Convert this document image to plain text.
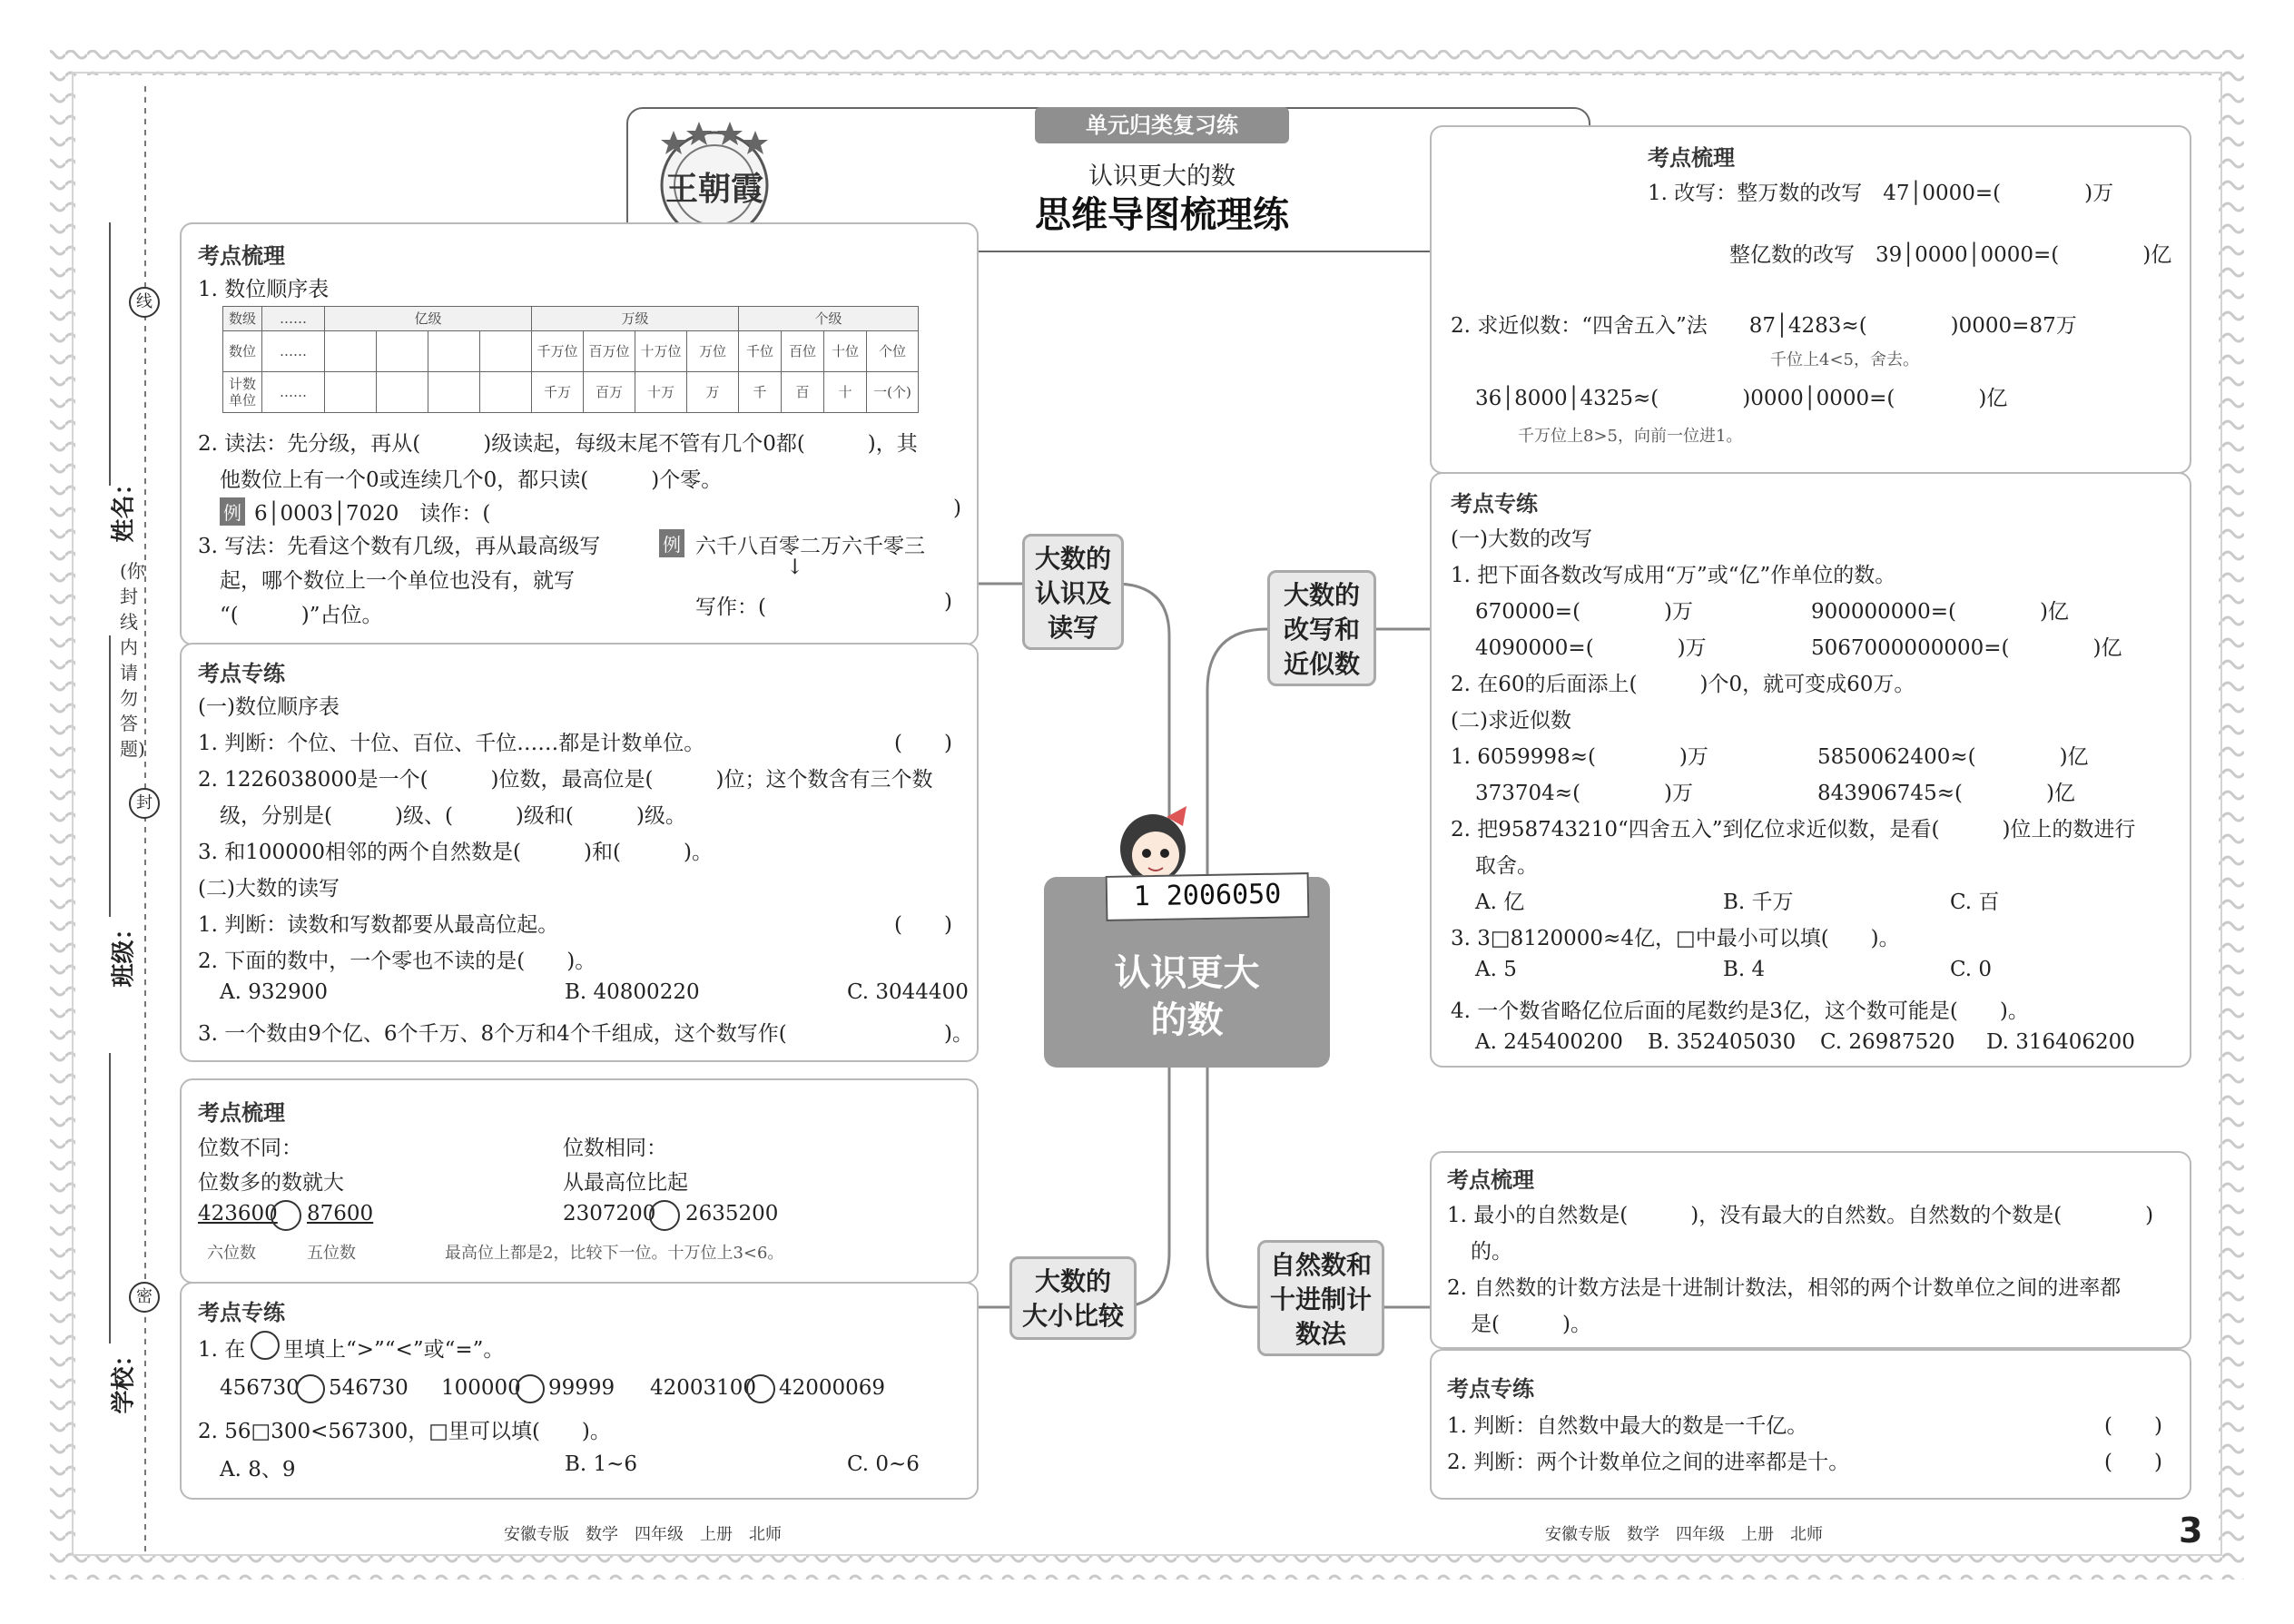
线
封
密
姓名：
班级：
学校：
(你封线内请勿答题)
王朝霞
单元归类复习练
认识更大的数
思维导图梳理练
大数的
认识及
读写
大数的
大小比较
大数的
改写和
近似数
自然数和
十进制计
数法
1 2006050
认识更大
的数
考点梳理
1. 数位顺序表
数级	……	亿级				万级				个级			
数位	……					千万位	百万位	十万位	万位	千位	百位	十位	个位
计数单位	……					千万	百万	十万	万	千	百	十	一(个)
2. 读法：先分级，再从(　　　)级读起，每级末尾不管有几个0都(　　　)，其
他数位上有一个0或连续几个0，都只读(　　　)个零。
例 6│0003│7020　读作：(	)
3. 写法：先看这个数有几级，再从最高级写
起，哪个数位上一个单位也没有，就写
“(　　　)”占位。
例 六千八百零二万六千零三
↓
写作：(	)
考点专练
(一)数位顺序表
1. 判断：个位、十位、百位、千位……都是计数单位。	(　　)
2. 1226038000是一个(　　　)位数，最高位是(　　　)位；这个数含有三个数
级，分别是(　　　)级、(　　　)级和(　　　)级。
3. 和100000相邻的两个自然数是(　　　)和(　　　)。
(二)大数的读写
1. 判断：读数和写数都要从最高位起。	(　　)
2. 下面的数中，一个零也不读的是(　　)。
A. 932900	B. 40800220	C. 3044400
3. 一个数由9个亿、6个千万、8个万和4个千组成，这个数写作(	)。
考点梳理
位数不同：
位数多的数就大
423600 87600
六位数	五位数
位数相同：
从最高位比起
2307200 2635200
最高位上都是2，比较下一位。十万位上3<6。
考点专练
1. 在 里填上“>”“<”或“=”。
456730 546730 100000 99999 42003100 42000069
2. 56□300<567300，□里可以填(　　)。
A. 8、9	B. 1~6	C. 0~6
考点梳理
1. 改写：整万数的改写　47│0000=(　　　　)万
整亿数的改写　39│0000│0000=(　　　　)亿
2. 求近似数：“四舍五入”法　　87│4283≈(　　　　)0000=87万
千位上4<5，舍去。
36│8000│4325≈(　　　　)0000│0000=(　　　　)亿
千万位上8>5，向前一位进1。
考点专练
(一)大数的改写
1. 把下面各数改写成用“万”或“亿”作单位的数。
670000=(　　　　)万	900000000=(　　　　)亿
4090000=(　　　　)万	5067000000000=(　　　　)亿
2. 在60的后面添上(　　　)个0，就可变成60万。
(二)求近似数
1. 6059998≈(　　　　)万	5850062400≈(　　　　)亿
373704≈(　　　　)万	843906745≈(　　　　)亿
2. 把958743210“四舍五入”到亿位求近似数，是看(　　　)位上的数进行
取舍。
A. 亿	B. 千万	C. 百
3. 3□8120000≈4亿，□中最小可以填(　　)。
A. 5	B. 4	C. 0
4. 一个数省略亿位后面的尾数约是3亿，这个数可能是(　　)。
A. 245400200 B. 352405030 C. 26987520 D. 316406200
考点梳理
1. 最小的自然数是(　　　)，没有最大的自然数。自然数的个数是(　　　　)
的。
2. 自然数的计数方法是十进制计数法，相邻的两个计数单位之间的进率都
是(　　　)。
考点专练
1. 判断：自然数中最大的数是一千亿。	(　　)
2. 判断：两个计数单位之间的进率都是十。	(　　)
安徽专版　数学　四年级　上册　北师	安徽专版　数学　四年级　上册　北师	3
